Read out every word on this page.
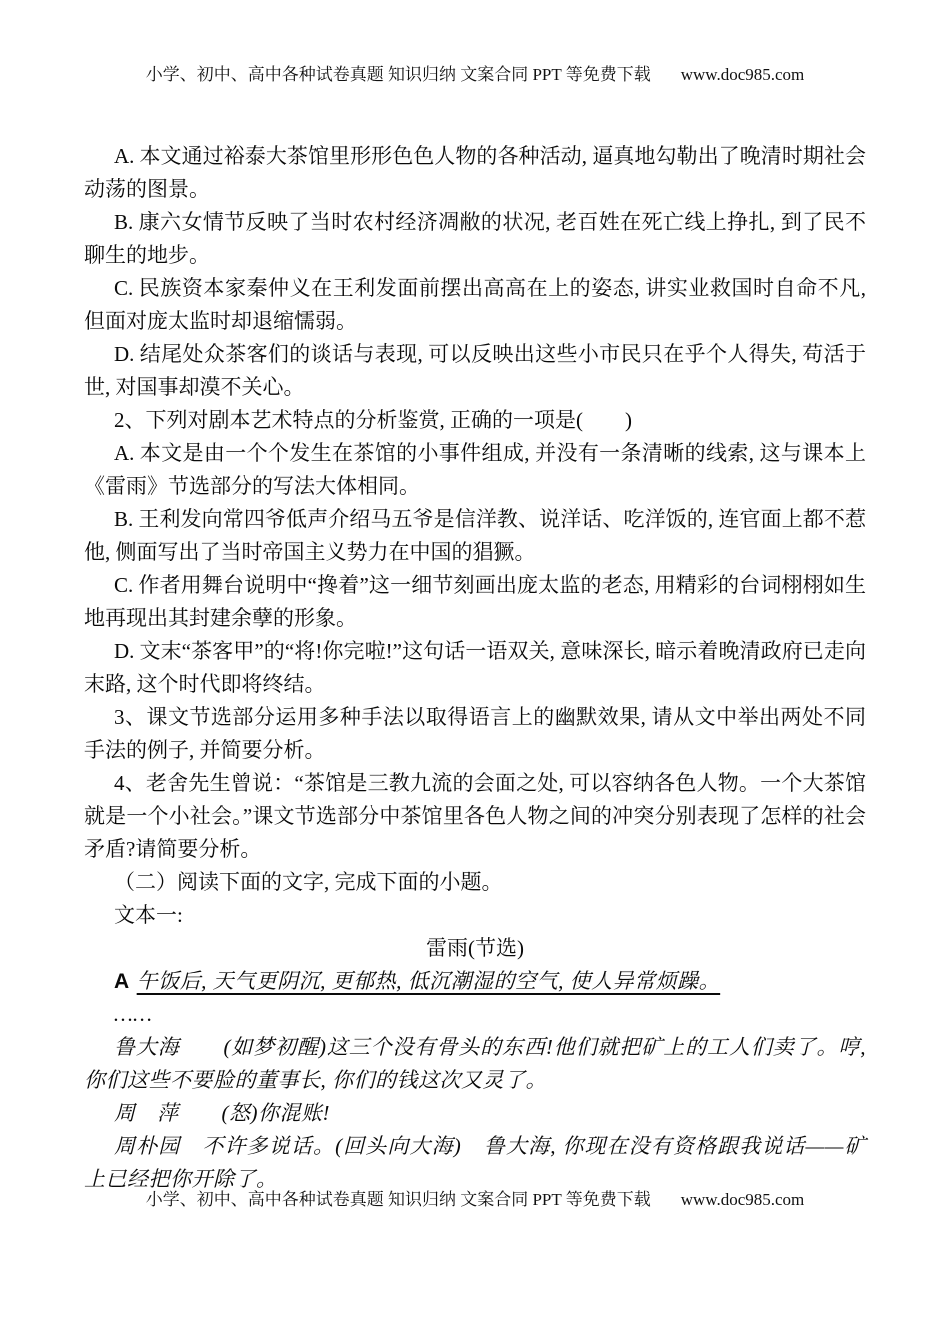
小学、初中、高中各种试卷真题 知识归纳 文案合同 PPT 等免费下载 www.doc985.com

A. 本文通过裕泰大茶馆里形形色色人物的各种活动, 逼真地勾勒出了晚清时期社会动荡的图景。

B. 康六女情节反映了当时农村经济凋敝的状况, 老百姓在死亡线上挣扎, 到了民不聊生的地步。

C. 民族资本家秦仲义在王利发面前摆出高高在上的姿态, 讲实业救国时自命不凡, 但面对庞太监时却退缩懦弱。

D. 结尾处众茶客们的谈话与表现, 可以反映出这些小市民只在乎个人得失, 苟活于世, 对国事却漠不关心。

2、下列对剧本艺术特点的分析鉴赏, 正确的一项是(　　)

A. 本文是由一个个发生在茶馆的小事件组成, 并没有一条清晰的线索, 这与课本上《雷雨》节选部分的写法大体相同。

B. 王利发向常四爷低声介绍马五爷是信洋教、说洋话、吃洋饭的, 连官面上都不惹他, 侧面写出了当时帝国主义势力在中国的猖獗。

C. 作者用舞台说明中“搀着”这一细节刻画出庞太监的老态, 用精彩的台词栩栩如生地再现出其封建余孽的形象。

D. 文末“茶客甲”的“将!你完啦!”这句话一语双关, 意味深长, 暗示着晚清政府已走向末路, 这个时代即将终结。

3、课文节选部分运用多种手法以取得语言上的幽默效果, 请从文中举出两处不同手法的例子, 并简要分析。

4、老舍先生曾说：“茶馆是三教九流的会面之处, 可以容纳各色人物。一个大茶馆就是一个小社会。”课文节选部分中茶馆里各色人物之间的冲突分别表现了怎样的社会矛盾?请简要分析。

（二）阅读下面的文字, 完成下面的小题。

文本一:

雷雨(节选)

A 午饭后, 天气更阴沉, 更郁热, 低沉潮湿的空气, 使人异常烦躁。

……

鲁大海　　(如梦初醒)这三个没有骨头的东西!他们就把矿上的工人们卖了。哼, 你们这些不要脸的董事长, 你们的钱这次又灵了。

周　萍　　(怒)你混账!

周朴园　不许多说话。(回头向大海)　鲁大海, 你现在没有资格跟我说话——矿上已经把你开除了。

小学、初中、高中各种试卷真题 知识归纳 文案合同 PPT 等免费下载 www.doc985.com
